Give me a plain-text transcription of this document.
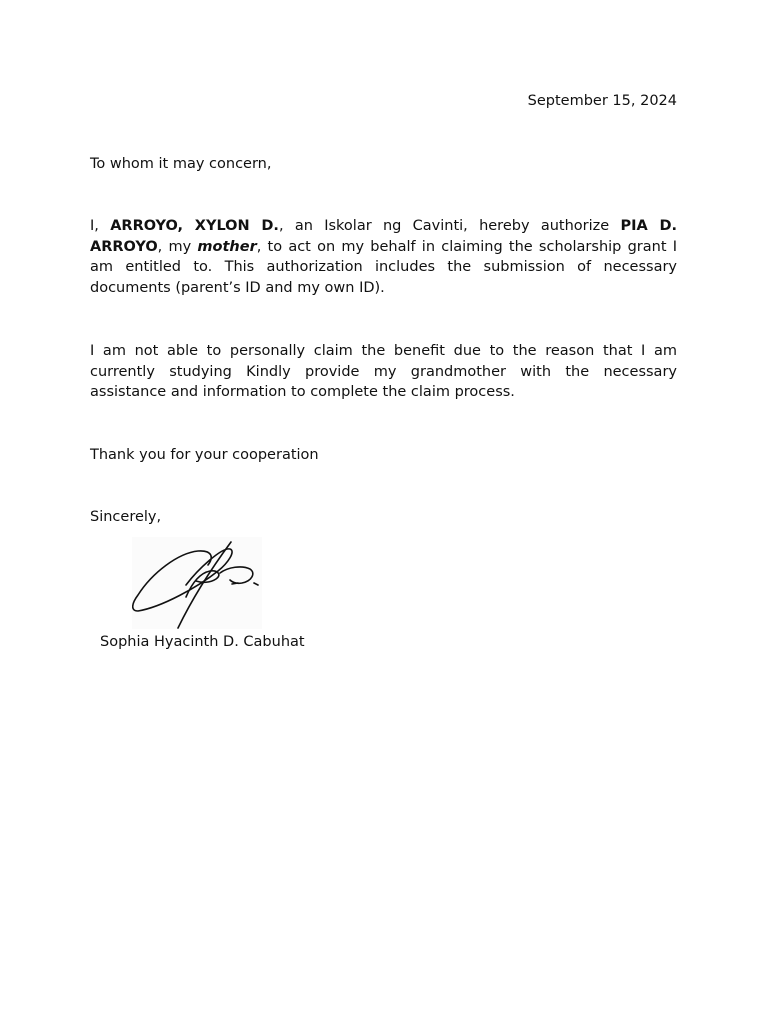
September 15, 2024
To whom it may concern,

I, ARROYO, XYLON D., an Iskolar ng Cavinti, hereby authorize PIA D. ARROYO, my mother, to act on my behalf in claiming the scholarship grant I am entitled to. This authorization includes the submission of necessary documents (parent’s ID and my own ID).

I am not able to personally claim the benefit due to the reason that I am currently studying Kindly provide my grandmother with the necessary assistance and information to complete the claim process.

Thank you for your cooperation
Sincerely,
Sophia Hyacinth D. Cabuhat
